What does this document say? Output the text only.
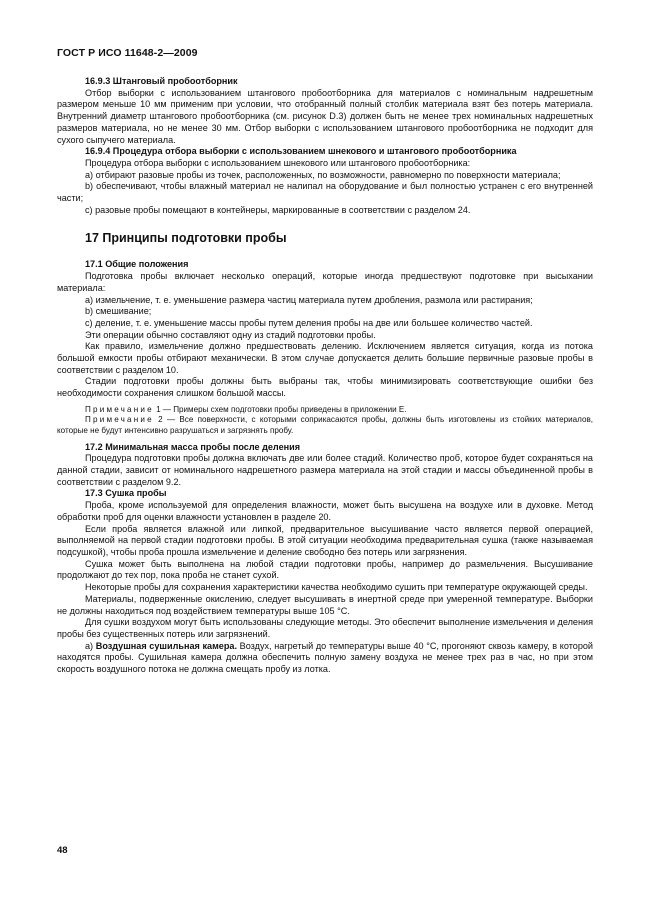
ГОСТ Р ИСО 11648-2—2009

16.9.3 Штанговый пробоотборник

Отбор выборки с использованием штангового пробоотборника для материалов с номинальным надрешетным размером меньше 10 мм применим при условии, что отобранный полный столбик материала взят без потерь материала. Внутренний диаметр штангового пробоотборника (см. рисунок D.3) должен быть не менее трех номинальных надрешетных размеров материала, но не менее 30 мм. Отбор выборки с использованием штангового пробоотборника не подходит для сухого сыпучего материала.

16.9.4 Процедура отбора выборки с использованием шнекового и штангового пробоотборника

Процедура отбора выборки с использованием шнекового или штангового пробоотборника:

а) отбирают разовые пробы из точек, расположенных, по возможности, равномерно по поверхности материала;

b) обеспечивают, чтобы влажный материал не налипал на оборудование и был полностью устранен с его внутренней части;

с) разовые пробы помещают в контейнеры, маркированные в соответствии с разделом 24.

17 Принципы подготовки пробы

17.1 Общие положения

Подготовка пробы включает несколько операций, которые иногда предшествуют подготовке при высыхании материала:

а) измельчение, т. е. уменьшение размера частиц материала путем дробления, размола или растирания;

b) смешивание;

с) деление, т. е. уменьшение массы пробы путем деления пробы на две или большее количество частей.

Эти операции обычно составляют одну из стадий подготовки пробы.

Как правило, измельчение должно предшествовать делению. Исключением является ситуация, когда из потока большой емкости пробы отбирают механически. В этом случае допускается делить большие первичные разовые пробы в соответствии с разделом 10.

Стадии подготовки пробы должны быть выбраны так, чтобы минимизировать соответствующие ошибки без необходимости сохранения слишком большой массы.

Примечание 1 — Примеры схем подготовки пробы приведены в приложении Е.

Примечание 2 — Все поверхности, с которыми соприкасаются пробы, должны быть изготовлены из стойких материалов, которые не будут интенсивно разрушаться и загрязнять пробу.

17.2 Минимальная масса пробы после деления

Процедура подготовки пробы должна включать две или более стадий. Количество проб, которое будет сохраняться на данной стадии, зависит от номинального надрешетного размера материала на этой стадии и массы объединенной пробы в соответствии с разделом 9.2.

17.3 Сушка пробы

Проба, кроме используемой для определения влажности, может быть высушена на воздухе или в духовке. Метод обработки проб для оценки влажности установлен в разделе 20.

Если проба является влажной или липкой, предварительное высушивание часто является первой операцией, выполняемой на первой стадии подготовки пробы. В этой ситуации необходима предварительная сушка (также называемая подсушкой), чтобы проба прошла измельчение и деление свободно без потерь или загрязнения.

Сушка может быть выполнена на любой стадии подготовки пробы, например до размельчения. Высушивание продолжают до тех пор, пока проба не станет сухой.

Некоторые пробы для сохранения характеристики качества необходимо сушить при температуре окружающей среды.

Материалы, подверженные окислению, следует высушивать в инертной среде при умеренной температуре. Выборки не должны находиться под воздействием температуры выше 105 °С.

Для сушки воздухом могут быть использованы следующие методы. Это обеспечит выполнение измельчения и деления пробы без существенных потерь или загрязнений.

а) Воздушная сушильная камера. Воздух, нагретый до температуры выше 40 °С, прогоняют сквозь камеру, в которой находятся пробы. Сушильная камера должна обеспечить полную замену воздуха не менее трех раз в час, но при этом скорость воздушного потока не должна смещать пробу из лотка.

48
